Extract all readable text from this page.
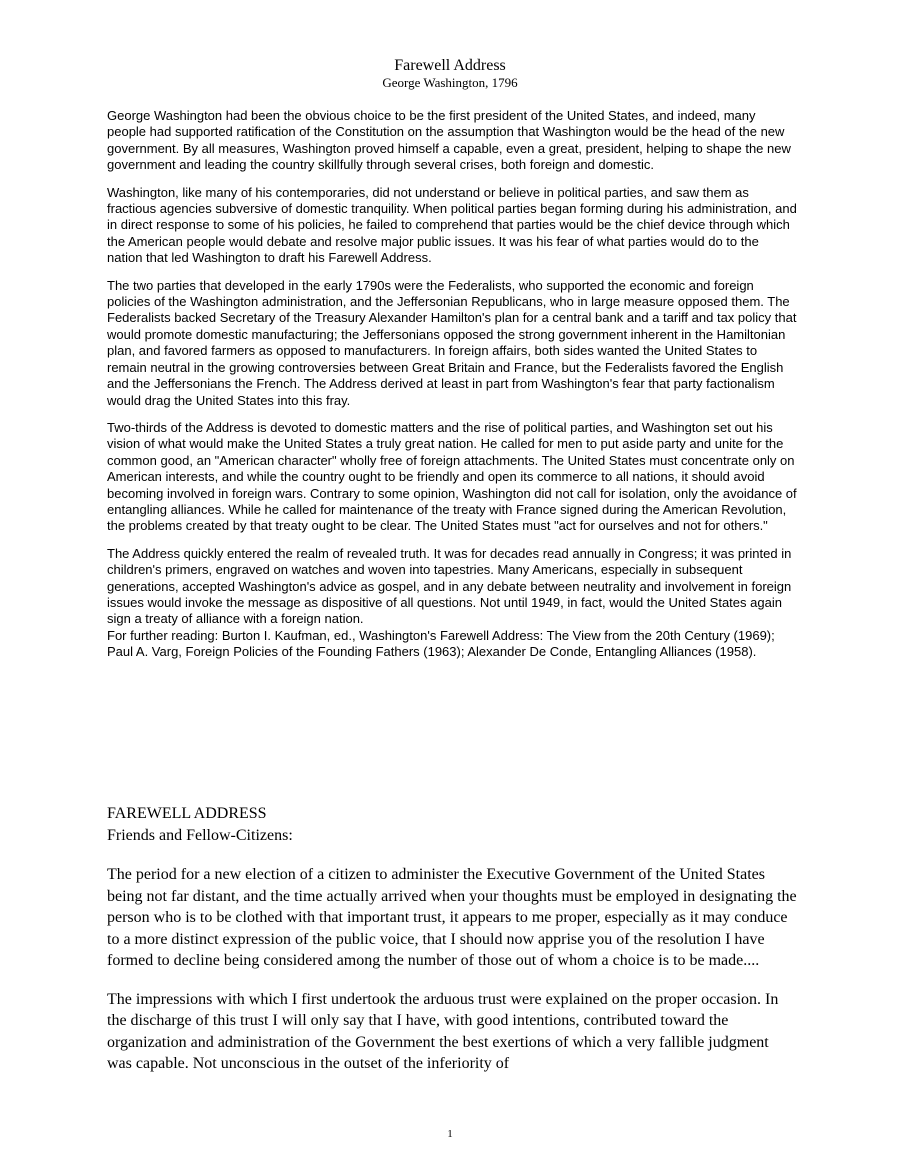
Farewell Address
George Washington, 1796

George Washington had been the obvious choice to be the first president of the United States, and indeed, many people had supported ratification of the Constitution on the assumption that Washington would be the head of the new government. By all measures, Washington proved himself a capable, even a great, president, helping to shape the new government and leading the country skillfully through several crises, both foreign and domestic.

Washington, like many of his contemporaries, did not understand or believe in political parties, and saw them as fractious agencies subversive of domestic tranquility. When political parties began forming during his administration, and in direct response to some of his policies, he failed to comprehend that parties would be the chief device through which the American people would debate and resolve major public issues. It was his fear of what parties would do to the nation that led Washington to draft his Farewell Address.

The two parties that developed in the early 1790s were the Federalists, who supported the economic and foreign policies of the Washington administration, and the Jeffersonian Republicans, who in large measure opposed them. The Federalists backed Secretary of the Treasury Alexander Hamilton's plan for a central bank and a tariff and tax policy that would promote domestic manufacturing; the Jeffersonians opposed the strong government inherent in the Hamiltonian plan, and favored farmers as opposed to manufacturers. In foreign affairs, both sides wanted the United States to remain neutral in the growing controversies between Great Britain and France, but the Federalists favored the English and the Jeffersonians the French. The Address derived at least in part from Washington's fear that party factionalism would drag the United States into this fray.

Two-thirds of the Address is devoted to domestic matters and the rise of political parties, and Washington set out his vision of what would make the United States a truly great nation. He called for men to put aside party and unite for the common good, an "American character" wholly free of foreign attachments. The United States must concentrate only on American interests, and while the country ought to be friendly and open its commerce to all nations, it should avoid becoming involved in foreign wars. Contrary to some opinion, Washington did not call for isolation, only the avoidance of entangling alliances. While he called for maintenance of the treaty with France signed during the American Revolution, the problems created by that treaty ought to be clear. The United States must "act for ourselves and not for others."

The Address quickly entered the realm of revealed truth. It was for decades read annually in Congress; it was printed in children's primers, engraved on watches and woven into tapestries. Many Americans, especially in subsequent generations, accepted Washington's advice as gospel, and in any debate between neutrality and involvement in foreign issues would invoke the message as dispositive of all questions. Not until 1949, in fact, would the United States again sign a treaty of alliance with a foreign nation.

For further reading: Burton I. Kaufman, ed., Washington's Farewell Address: The View from the 20th Century (1969); Paul A. Varg, Foreign Policies of the Founding Fathers (1963); Alexander De Conde, Entangling Alliances (1958).

FAREWELL ADDRESS
Friends and Fellow-Citizens:

The period for a new election of a citizen to administer the Executive Government of the United States being not far distant, and the time actually arrived when your thoughts must be employed in designating the person who is to be clothed with that important trust, it appears to me proper, especially as it may conduce to a more distinct expression of the public voice, that I should now apprise you of the resolution I have formed to decline being considered among the number of those out of whom a choice is to be made....

The impressions with which I first undertook the arduous trust were explained on the proper occasion. In the discharge of this trust I will only say that I have, with good intentions, contributed toward the organization and administration of the Government the best exertions of which a very fallible judgment was capable. Not unconscious in the outset of the inferiority of

1
